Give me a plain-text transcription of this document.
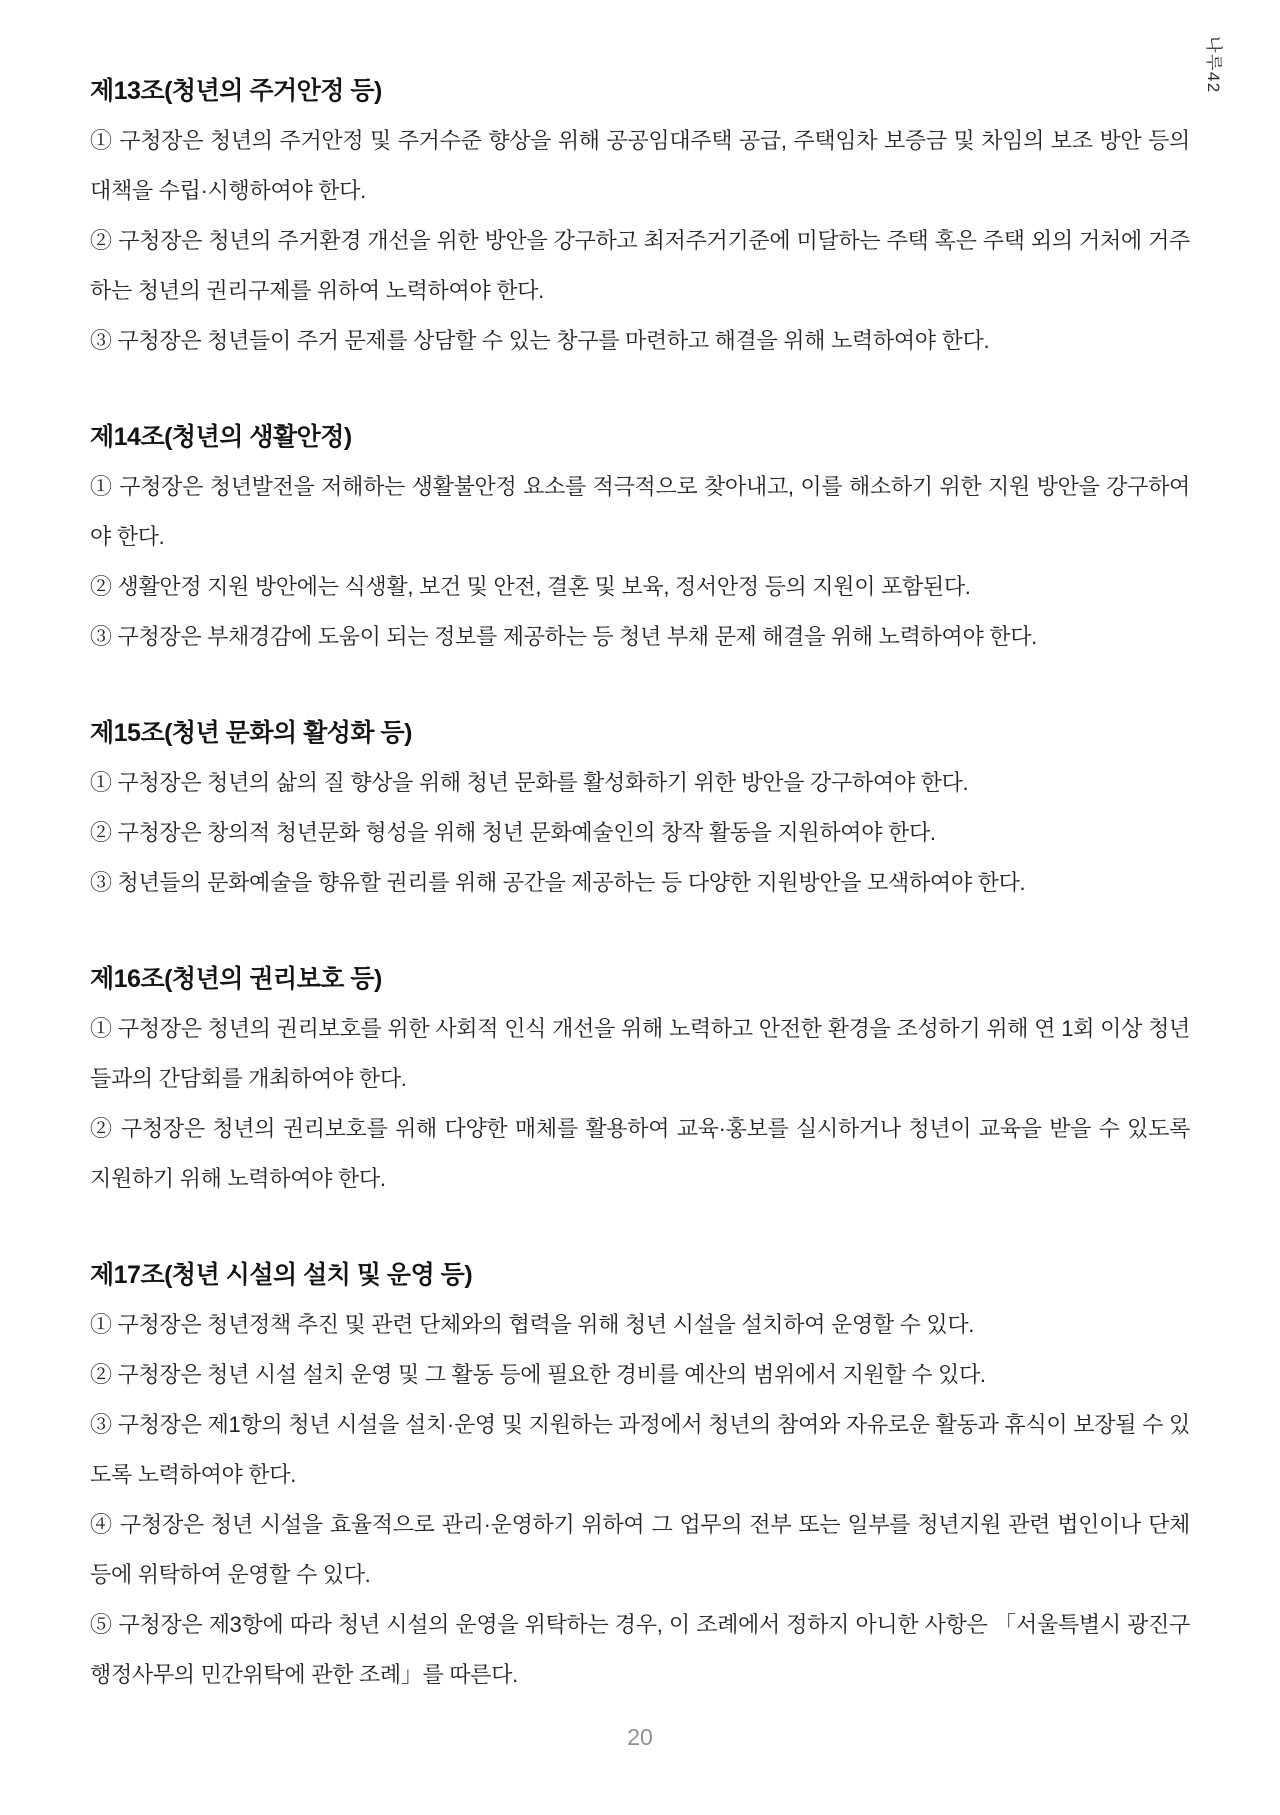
나루42
제13조(청년의 주거안정 등)

① 구청장은 청년의 주거안정 및 주거수준 향상을 위해 공공임대주택 공급, 주택임차 보증금 및 차임의 보조 방안 등의 대책을 수립·시행하여야 한다.

② 구청장은 청년의 주거환경 개선을 위한 방안을 강구하고 최저주거기준에 미달하는 주택 혹은 주택 외의 거처에 거주하는 청년의 권리구제를 위하여 노력하여야 한다.

③ 구청장은 청년들이 주거 문제를 상담할 수 있는 창구를 마련하고 해결을 위해 노력하여야 한다.

제14조(청년의 생활안정)

① 구청장은 청년발전을 저해하는 생활불안정 요소를 적극적으로 찾아내고, 이를 해소하기 위한 지원 방안을 강구하여야 한다.

② 생활안정 지원 방안에는 식생활, 보건 및 안전, 결혼 및 보육, 정서안정 등의 지원이 포함된다.

③ 구청장은 부채경감에 도움이 되는 정보를 제공하는 등 청년 부채 문제 해결을 위해 노력하여야 한다.

제15조(청년 문화의 활성화 등)

① 구청장은 청년의 삶의 질 향상을 위해 청년 문화를 활성화하기 위한 방안을 강구하여야 한다.

② 구청장은 창의적 청년문화 형성을 위해 청년 문화예술인의 창작 활동을 지원하여야 한다.

③ 청년들의 문화예술을 향유할 권리를 위해 공간을 제공하는 등 다양한 지원방안을 모색하여야 한다.

제16조(청년의 권리보호 등)

① 구청장은 청년의 권리보호를 위한 사회적 인식 개선을 위해 노력하고 안전한 환경을 조성하기 위해 연 1회 이상 청년들과의 간담회를 개최하여야 한다.

② 구청장은 청년의 권리보호를 위해 다양한 매체를 활용하여 교육·홍보를 실시하거나 청년이 교육을 받을 수 있도록 지원하기 위해 노력하여야 한다.

제17조(청년 시설의 설치 및 운영 등)

① 구청장은 청년정책 추진 및 관련 단체와의 협력을 위해 청년 시설을 설치하여 운영할 수 있다.

② 구청장은 청년 시설 설치 운영 및 그 활동 등에 필요한 경비를 예산의 범위에서 지원할 수 있다.

③ 구청장은 제1항의 청년 시설을 설치·운영 및 지원하는 과정에서 청년의 참여와 자유로운 활동과 휴식이 보장될 수 있도록 노력하여야 한다.

④ 구청장은 청년 시설을 효율적으로 관리·운영하기 위하여 그 업무의 전부 또는 일부를 청년지원 관련 법인이나 단체 등에 위탁하여 운영할 수 있다.

⑤ 구청장은 제3항에 따라 청년 시설의 운영을 위탁하는 경우, 이 조례에서 정하지 아니한 사항은 「서울특별시 광진구 행정사무의 민간위탁에 관한 조례」를 따른다.

20
